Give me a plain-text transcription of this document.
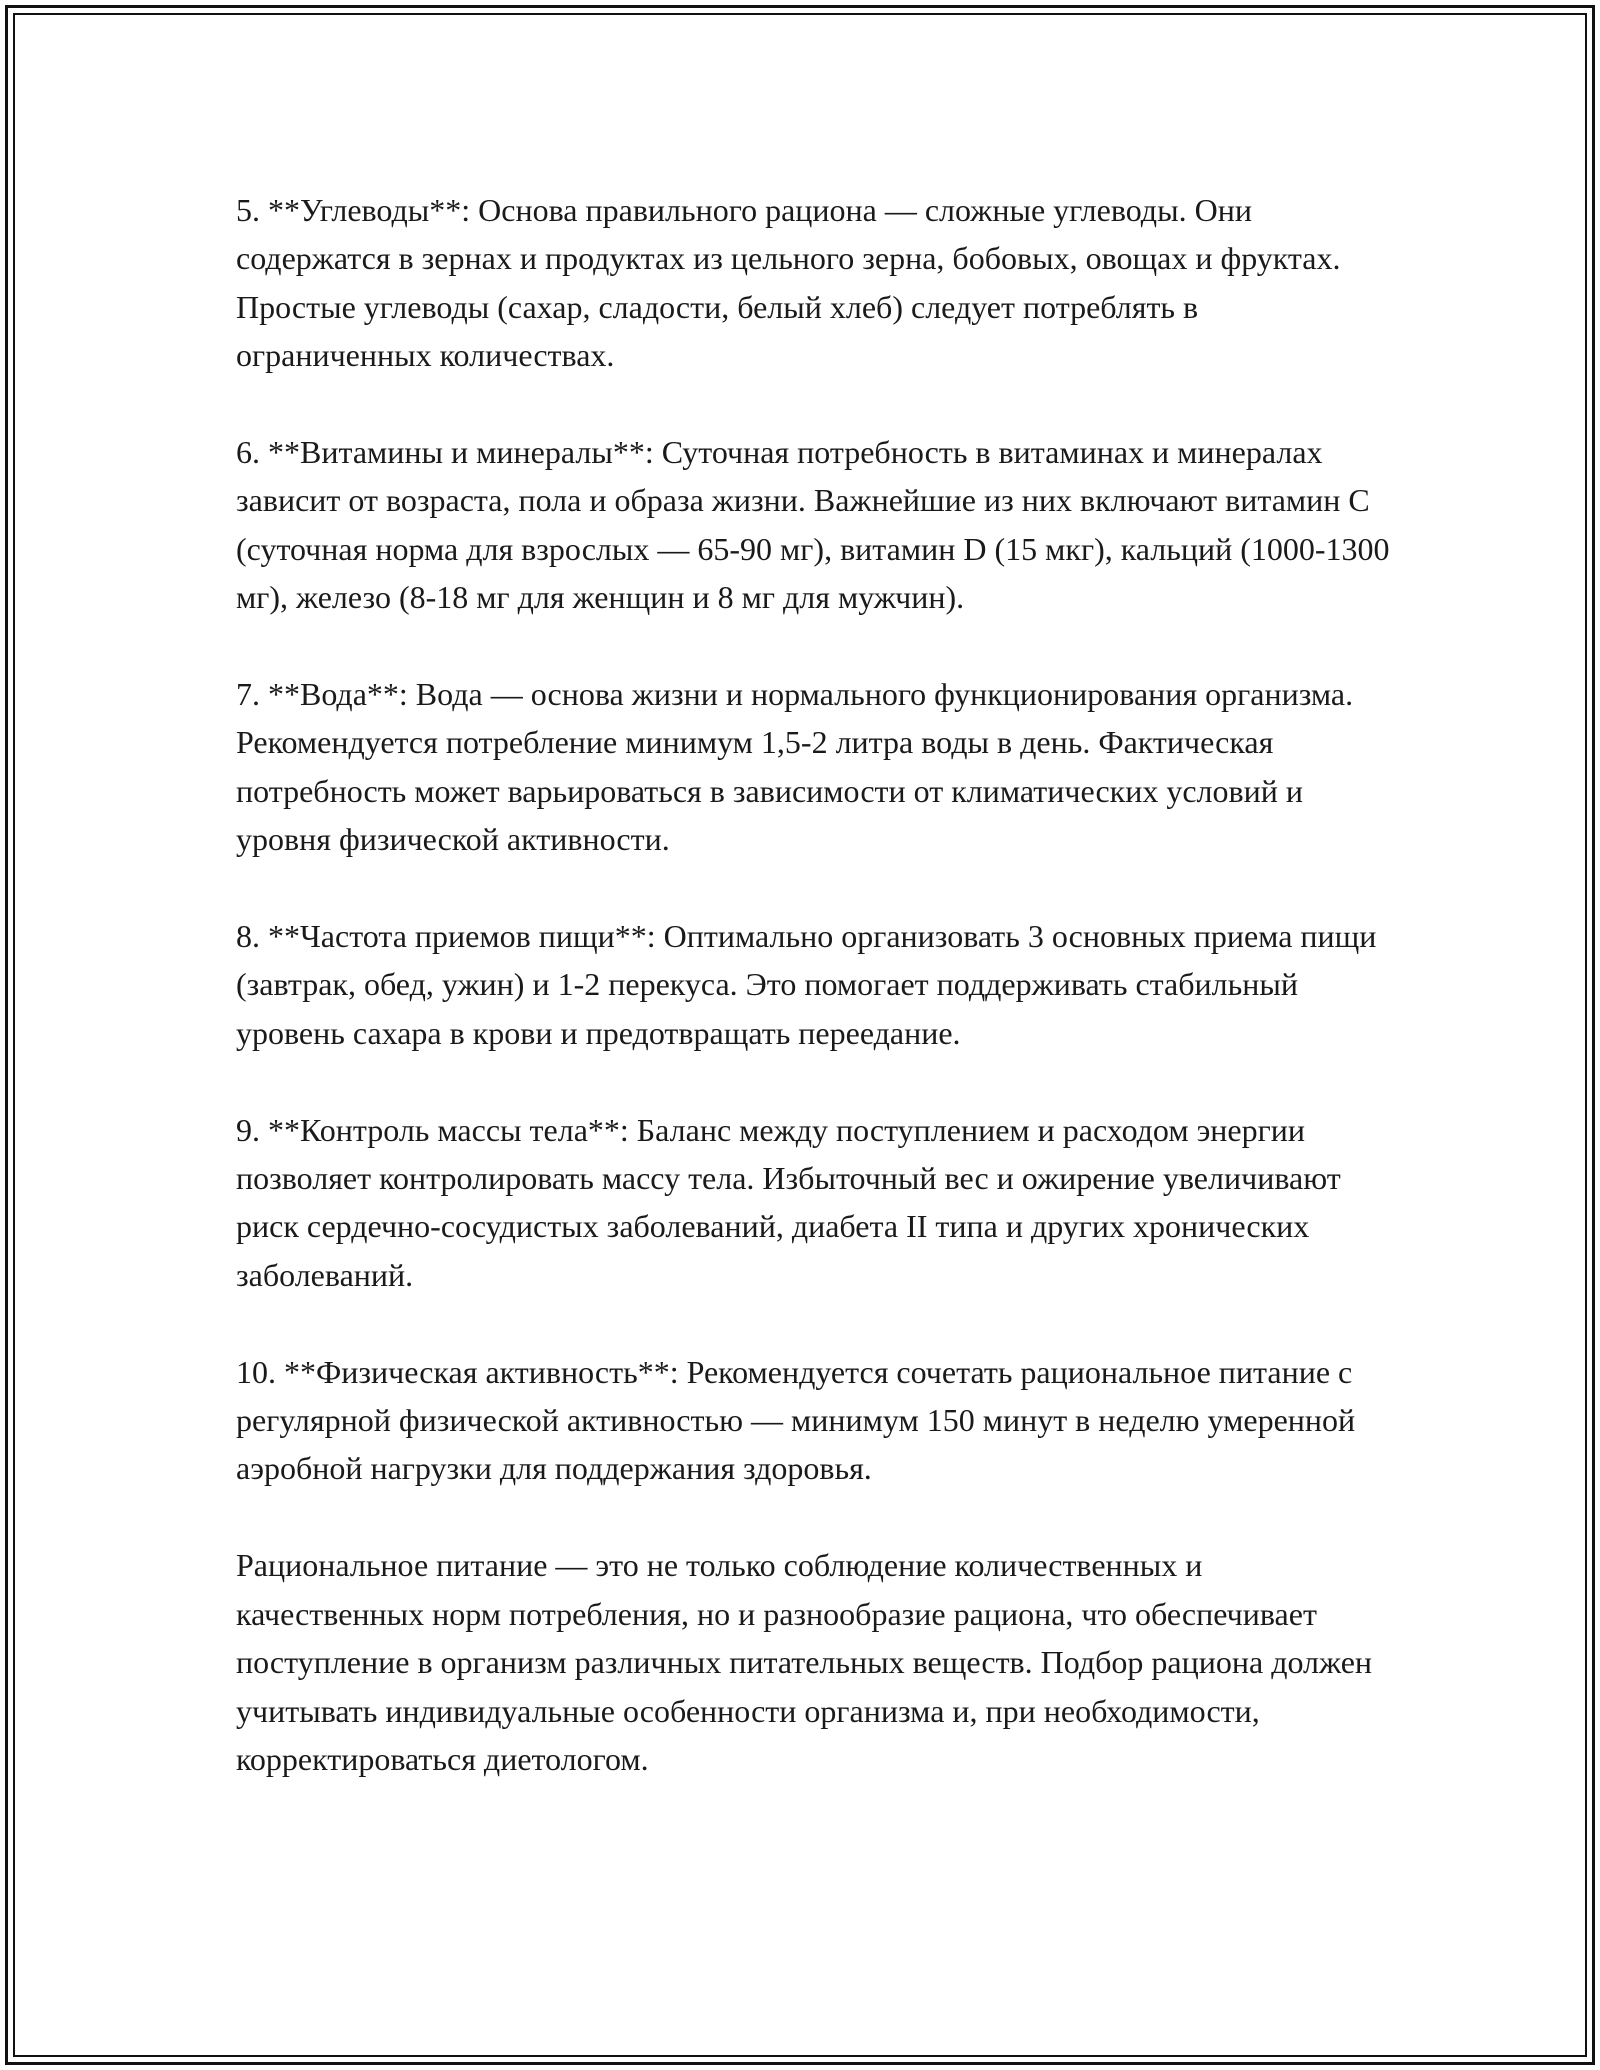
5. **Углеводы**: Основа правильного рациона — сложные углеводы. Они содержатся в зернах и продуктах из цельного зерна, бобовых, овощах и фруктах. Простые углеводы (сахар, сладости, белый хлеб) следует потреблять в ограниченных количествах.

6. **Витамины и минералы**: Суточная потребность в витаминах и минералах зависит от возраста, пола и образа жизни. Важнейшие из них включают витамин C (суточная норма для взрослых — 65-90 мг), витамин D (15 мкг), кальций (1000-1300 мг), железо (8-18 мг для женщин и 8 мг для мужчин).

7. **Вода**: Вода — основа жизни и нормального функционирования организма. Рекомендуется потребление минимум 1,5-2 литра воды в день. Фактическая потребность может варьироваться в зависимости от климатических условий и уровня физической активности.

8. **Частота приемов пищи**: Оптимально организовать 3 основных приема пищи (завтрак, обед, ужин) и 1-2 перекуса. Это помогает поддерживать стабильный уровень сахара в крови и предотвращать переедание.

9. **Контроль массы тела**: Баланс между поступлением и расходом энергии позволяет контролировать массу тела. Избыточный вес и ожирение увеличивают риск сердечно-сосудистых заболеваний, диабета II типа и других хронических заболеваний.

10. **Физическая активность**: Рекомендуется сочетать рациональное питание с регулярной физической активностью — минимум 150 минут в неделю умеренной аэробной нагрузки для поддержания здоровья.

Рациональное питание — это не только соблюдение количественных и качественных норм потребления, но и разнообразие рациона, что обеспечивает поступление в организм различных питательных веществ. Подбор рациона должен учитывать индивидуальные особенности организма и, при необходимости, корректироваться диетологом.
